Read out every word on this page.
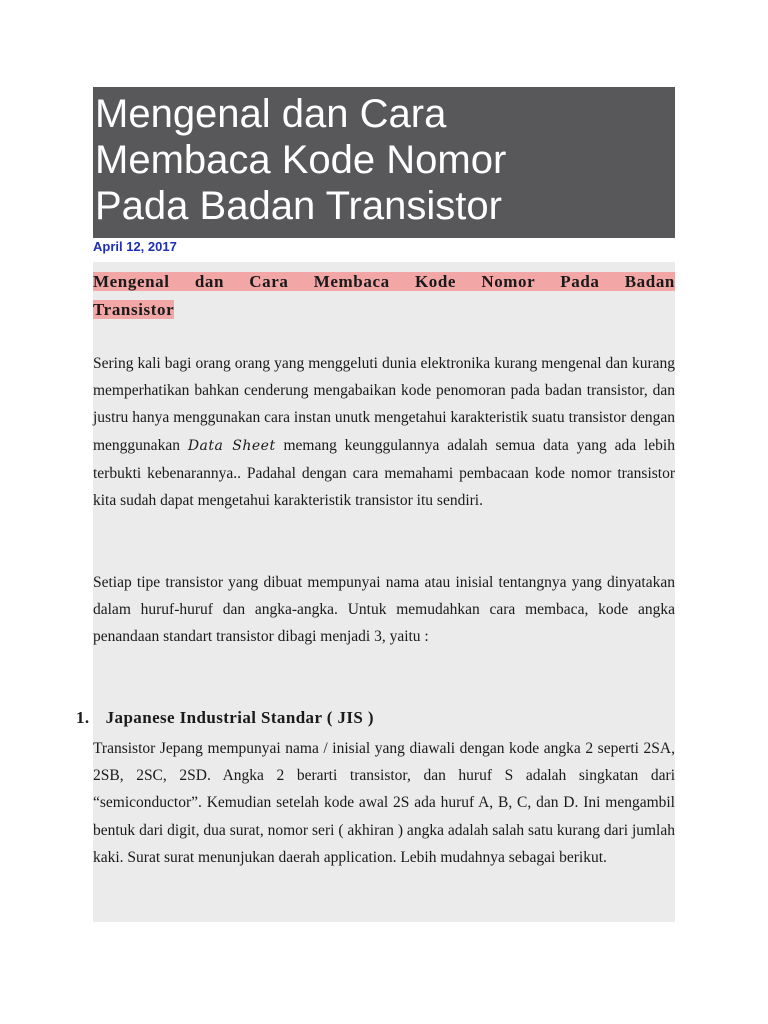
Mengenal dan Cara
Membaca Kode Nomor
Pada Badan Transistor
April 12, 2017
Mengenal dan Cara Membaca Kode Nomor Pada Badan
Transistor

Sering kali bagi orang orang yang menggeluti dunia elektronika kurang mengenal dan kurang memperhatikan bahkan cenderung mengabaikan kode penomoran pada badan transistor, dan justru hanya menggunakan cara instan unutk mengetahui karakteristik suatu transistor dengan menggunakan Data Sheet memang keunggulannya adalah semua data yang ada lebih terbukti kebenarannya.. Padahal dengan cara memahami pembacaan kode nomor transistor kita sudah dapat mengetahui karakteristik transistor itu sendiri.

Setiap tipe transistor yang dibuat mempunyai nama atau inisial tentangnya yang dinyatakan dalam huruf-huruf dan angka-angka. Untuk memudahkan cara membaca, kode angka penandaan standart transistor dibagi menjadi 3, yaitu :

1. Japanese Industrial Standar ( JIS )

Transistor Jepang mempunyai nama / inisial yang diawali dengan kode angka 2 seperti 2SA, 2SB, 2SC, 2SD. Angka 2 berarti transistor, dan huruf S adalah singkatan dari “semiconductor”. Kemudian setelah kode awal 2S ada huruf A, B, C, dan D. Ini mengambil bentuk dari digit, dua surat, nomor seri ( akhiran ) angka adalah salah satu kurang dari jumlah kaki. Surat surat menunjukan daerah application. Lebih mudahnya sebagai berikut.
